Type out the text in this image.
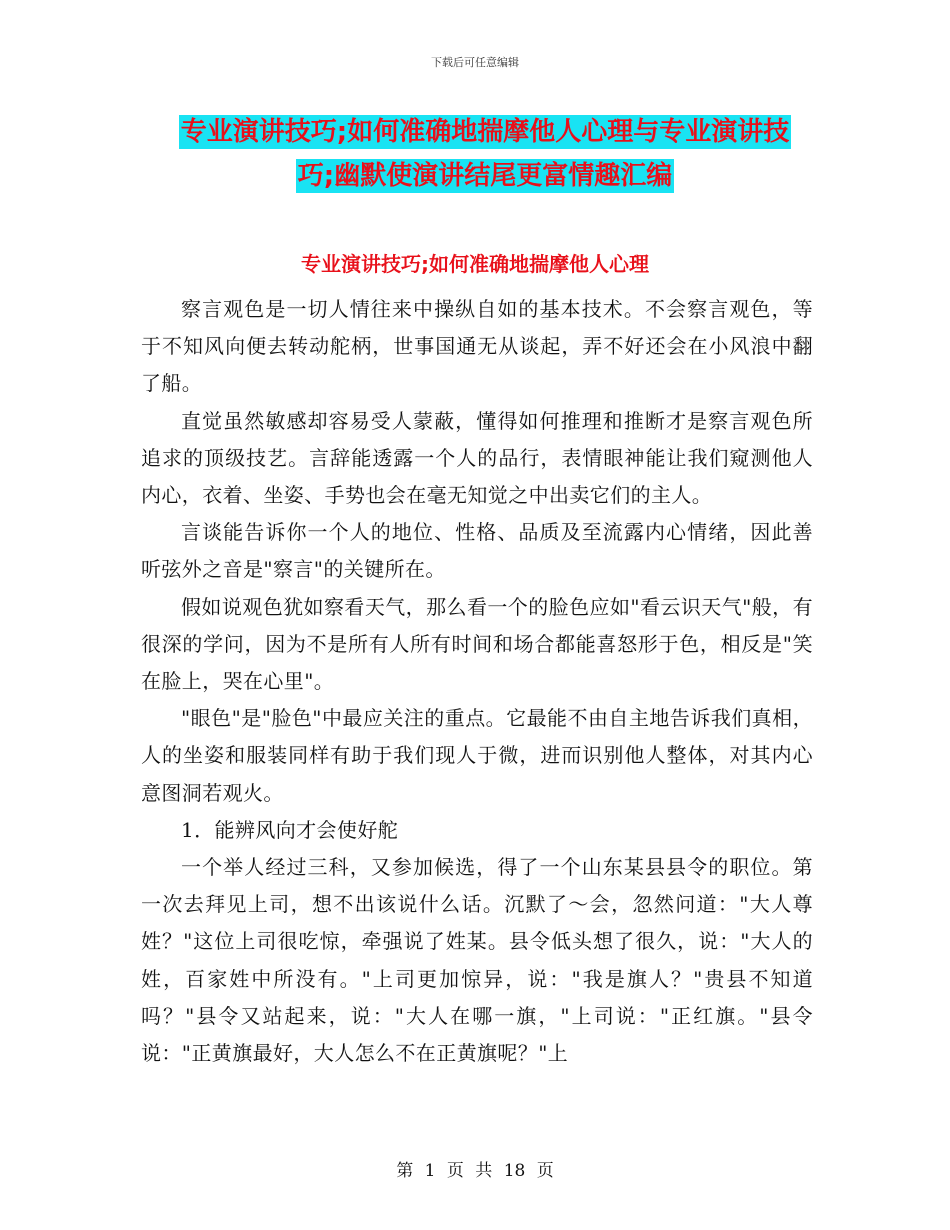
下载后可任意编辑
专业演讲技巧;如何准确地揣摩他人心理与专业演讲技
巧;幽默使演讲结尾更富情趣汇编
专业演讲技巧;如何准确地揣摩他人心理

察言观色是一切人情往来中操纵自如的基本技术。不会察言观色，等于不知风向便去转动舵柄，世事国通无从谈起，弄不好还会在小风浪中翻了船。

直觉虽然敏感却容易受人蒙蔽，懂得如何推理和推断才是察言观色所追求的顶级技艺。言辞能透露一个人的品行，表情眼神能让我们窥测他人内心，衣着、坐姿、手势也会在毫无知觉之中出卖它们的主人。

言谈能告诉你一个人的地位、性格、品质及至流露内心情绪，因此善听弦外之音是"察言"的关键所在。

假如说观色犹如察看天气，那么看一个的脸色应如"看云识天气"般，有很深的学问，因为不是所有人所有时间和场合都能喜怒形于色，相反是"笑在脸上，哭在心里"。

"眼色"是"脸色"中最应关注的重点。它最能不由自主地告诉我们真相，人的坐姿和服装同样有助于我们现人于微，进而识别他人整体，对其内心意图洞若观火。

1．能辨风向才会使好舵

一个举人经过三科，又参加候选，得了一个山东某县县令的职位。第一次去拜见上司，想不出该说什么话。沉默了～会，忽然问道："大人尊姓？"这位上司很吃惊，牵强说了姓某。县令低头想了很久，说："大人的姓，百家姓中所没有。"上司更加惊异，说："我是旗人？"贵县不知道吗？"县令又站起来，说："大人在哪一旗，"上司说："正红旗。"县令说："正黄旗最好，大人怎么不在正黄旗呢？"上

第 1 页 共 18 页
